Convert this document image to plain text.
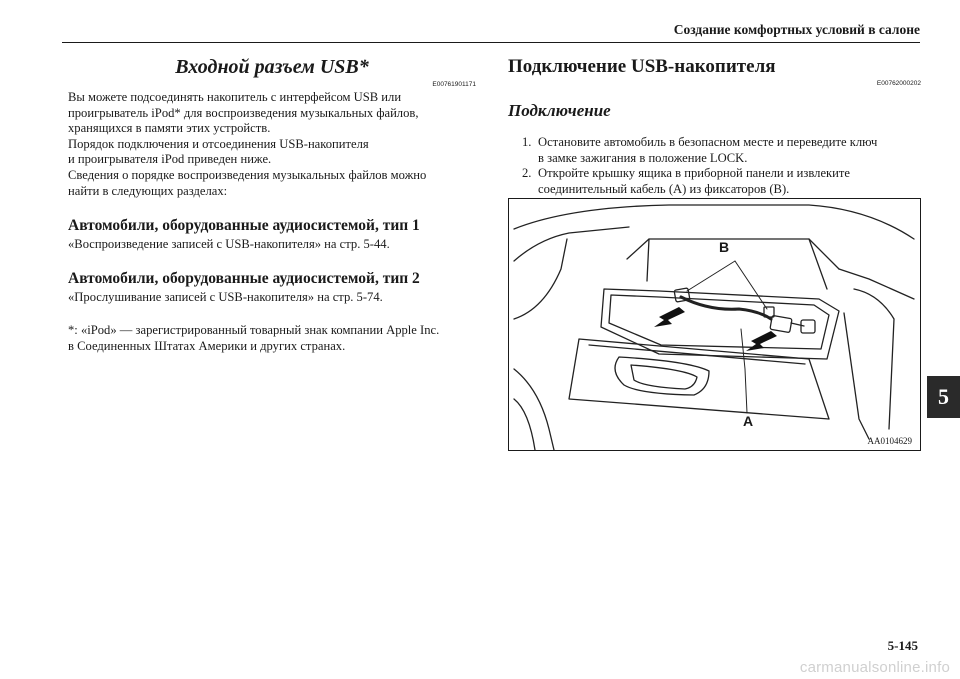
Создание комфортных условий в салоне
5
Входной разъем USB*
E00761901171

Вы можете подсоединять накопитель с интерфейсом USB или

проигрыватель iPod* для воспроизведения музыкальных файлов,

хранящихся в памяти этих устройств.

Порядок подключения и отсоединения USB-накопителя

и проигрывателя iPod приведен ниже.

Сведения о порядке воспроизведения музыкальных файлов можно

найти в следующих разделах:

Автомобили, оборудованные аудиосистемой, тип 1

«Воспроизведение записей с USB-накопителя» на стр. 5-44.

Автомобили, оборудованные аудиосистемой, тип 2

«Прослушивание записей с USB-накопителя» на стр. 5-74.

*: «iPod» — зарегистрированный товарный знак компании Apple Inc.

в Соединенных Штатах Америки и других странах.

Подключение USB-накопителя
E00762000202
Подключение
1. Остановите автомобиль в безопасном месте и переведите ключ
в замке зажигания в положение LOCK.
2. Откройте крышку ящика в приборной панели и извлеките
соединительный кабель (A) из фиксаторов (B).
B
A
AA0104629
5-145
carmanualsonline.info
